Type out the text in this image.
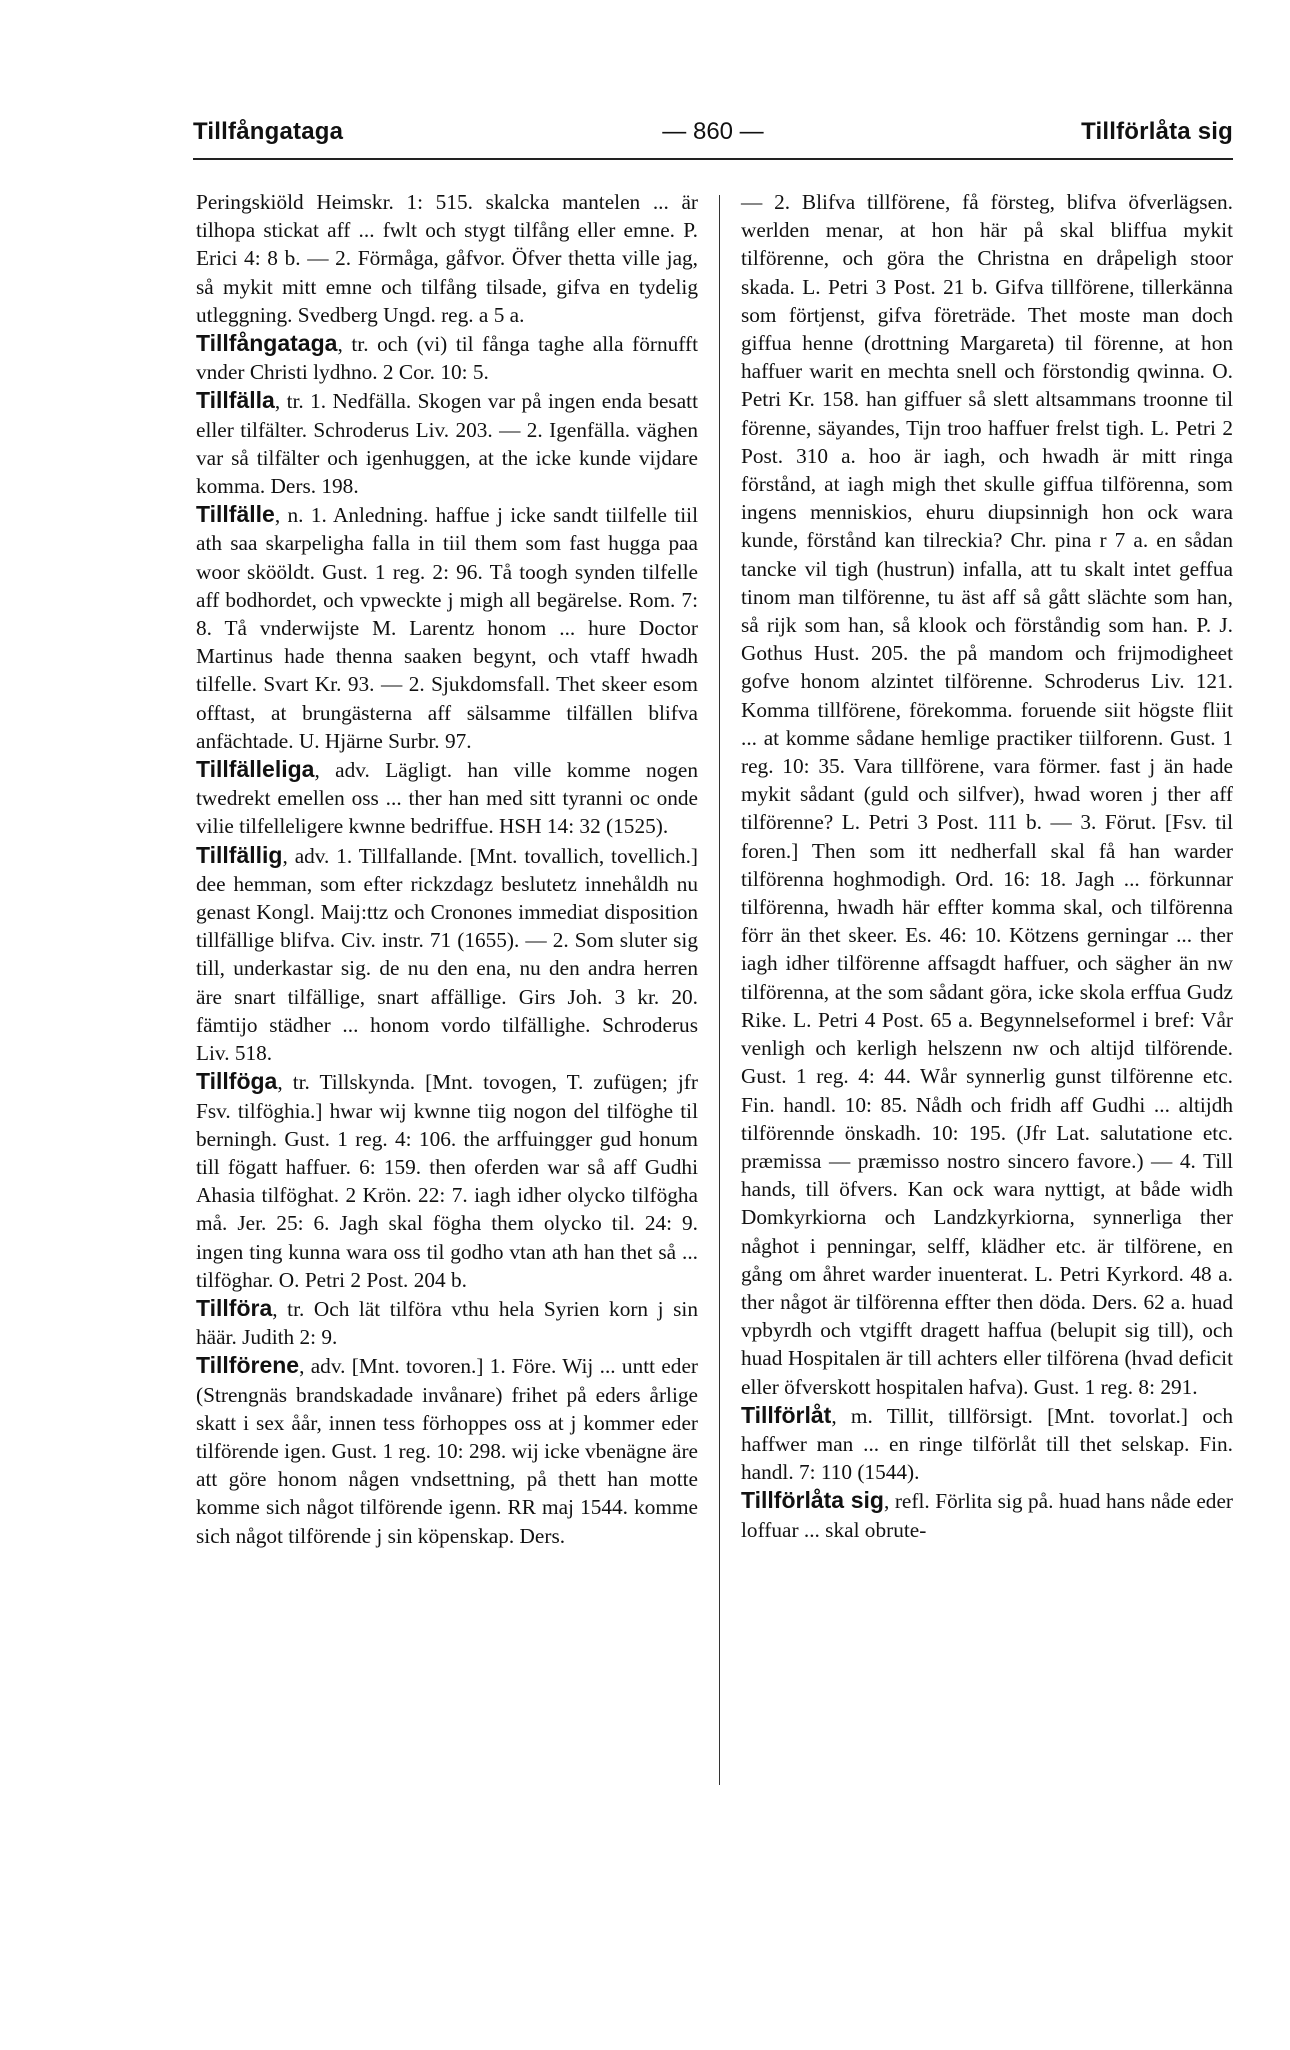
Tillfångataga	— 860 —	Tillförlåta sig

Peringskiöld Heimskr. 1: 515. skalcka mantelen ... är tilhopa stickat aff ... fwlt och stygt tilfång eller emne. P. Erici 4: 8 b. — 2. Förmåga, gåfvor. Öfver thetta ville jag, så mykit mitt emne och tilfång tilsade, gifva en tydelig utleggning. Svedberg Ungd. reg. a 5 a.

Tillfångataga, tr. och (vi) til fånga taghe alla förnufft vnder Christi lydhno. 2 Cor. 10: 5.

Tillfälla, tr. 1. Nedfälla. Skogen var på ingen enda besatt eller tilfälter. Schroderus Liv. 203. — 2. Igenfälla. väghen var så tilfälter och igenhuggen, at the icke kunde vijdare komma. Ders. 198.

Tillfälle, n. 1. Anledning. haffue j icke sandt tiilfelle tiil ath saa skarpeligha falla in tiil them som fast hugga paa woor skööldt. Gust. 1 reg. 2: 96. Tå toogh synden tilfelle aff bodhordet, och vpweckte j migh all begärelse. Rom. 7: 8. Tå vnderwijste M. Larentz honom ... hure Doctor Martinus hade thenna saaken begynt, och vtaff hwadh tilfelle. Svart Kr. 93. — 2. Sjukdomsfall. Thet skeer esom offtast, at brungästerna aff sälsamme tilfällen blifva anfächtade. U. Hjärne Surbr. 97.

Tillfälleliga, adv. Lägligt. han ville komme nogen twedrekt emellen oss ... ther han med sitt tyranni oc onde vilie tilfelleligere kwnne bedriffue. HSH 14: 32 (1525).

Tillfällig, adv. 1. Tillfallande. [Mnt. tovallich, tovellich.] dee hemman, som efter rickzdagz beslutetz innehåldh nu genast Kongl. Maij:ttz och Cronones immediat disposition tillfällige blifva. Civ. instr. 71 (1655). — 2. Som sluter sig till, underkastar sig. de nu den ena, nu den andra herren äre snart tilfällige, snart affällige. Girs Joh. 3 kr. 20. fämtijo städher ... honom vordo tilfällighe. Schroderus Liv. 518.

Tillföga, tr. Tillskynda. [Mnt. tovogen, T. zufügen; jfr Fsv. tilföghia.] hwar wij kwnne tiig nogon del tilföghe til berningh. Gust. 1 reg. 4: 106. the arffuingger gud honum till fögatt haffuer. 6: 159. then oferden war så aff Gudhi Ahasia tilföghat. 2 Krön. 22: 7. iagh idher olycko tilfögha må. Jer. 25: 6. Jagh skal fögha them olycko til. 24: 9. ingen ting kunna wara oss til godho vtan ath han thet så ... tilföghar. O. Petri 2 Post. 204 b.

Tillföra, tr. Och lät tilföra vthu hela Syrien korn j sin häär. Judith 2: 9.

Tillförene, adv. [Mnt. tovoren.] 1. Före. Wij ... untt eder (Strengnäs brandskadade invånare) frihet på eders årlige skatt i sex åår, innen tess förhoppes oss at j kommer eder tilförende igen. Gust. 1 reg. 10: 298. wij icke vbenägne äre att göre honom någen vndsettning, på thett han motte komme sich något tilförende igenn. RR maj 1544. komme sich något tilförende j sin köpenskap. Ders.

— 2. Blifva tillförene, få försteg, blifva öfverlägsen. werlden menar, at hon här på skal bliffua mykit tilförenne, och göra the Christna en dråpeligh stoor skada. L. Petri 3 Post. 21 b. Gifva tillförene, tillerkänna som förtjenst, gifva företräde. Thet moste man doch giffua henne (drottning Margareta) til förenne, at hon haffuer warit en mechta snell och förstondig qwinna. O. Petri Kr. 158. han giffuer så slett altsammans troonne til förenne, säyandes, Tijn troo haffuer frelst tigh. L. Petri 2 Post. 310 a. hoo är iagh, och hwadh är mitt ringa förstånd, at iagh migh thet skulle giffua tilförenna, som ingens menniskios, ehuru diupsinnigh hon ock wara kunde, förstånd kan tilreckia? Chr. pina r 7 a. en sådan tancke vil tigh (hustrun) infalla, att tu skalt intet geffua tinom man tilförenne, tu äst aff så gått slächte som han, så rijk som han, så klook och förståndig som han. P. J. Gothus Hust. 205. the på mandom och frijmodigheet gofve honom alzintet tilförenne. Schroderus Liv. 121. Komma tillförene, förekomma. foruende siit högste fliit ... at komme sådane hemlige practiker tiilforenn. Gust. 1 reg. 10: 35. Vara tillförene, vara förmer. fast j än hade mykit sådant (guld och silfver), hwad woren j ther aff tilförenne? L. Petri 3 Post. 111 b. — 3. Förut. [Fsv. til foren.] Then som itt nedherfall skal få han warder tilförenna hoghmodigh. Ord. 16: 18. Jagh ... förkunnar tilförenna, hwadh här effter komma skal, och tilförenna förr än thet skeer. Es. 46: 10. Kötzens gerningar ... ther iagh idher tilförenne affsagdt haffuer, och sägher än nw tilförenna, at the som sådant göra, icke skola erffua Gudz Rike. L. Petri 4 Post. 65 a. Begynnelseformel i bref: Vår venligh och kerligh helszenn nw och altijd tilförende. Gust. 1 reg. 4: 44. Wår synnerlig gunst tilförenne etc. Fin. handl. 10: 85. Nådh och fridh aff Gudhi ... altijdh tilförennde önskadh. 10: 195. (Jfr Lat. salutatione etc. præmissa — præmisso nostro sincero favore.) — 4. Till hands, till öfvers. Kan ock wara nyttigt, at både widh Domkyrkiorna och Landzkyrkiorna, synnerliga ther någhot i penningar, selff, klädher etc. är tilförene, en gång om åhret warder inuenterat. L. Petri Kyrkord. 48 a. ther något är tilförenna effter then döda. Ders. 62 a. huad vpbyrdh och vtgifft dragett haffua (belupit sig till), och huad Hospitalen är till achters eller tilförena (hvad deficit eller öfverskott hospitalen hafva). Gust. 1 reg. 8: 291.

Tillförlåt, m. Tillit, tillförsigt. [Mnt. tovorlat.] och haffwer man ... en ringe tilförlåt till thet selskap. Fin. handl. 7: 110 (1544).

Tillförlåta sig, refl. Förlita sig på. huad hans nåde eder loffuar ... skal obrute-
